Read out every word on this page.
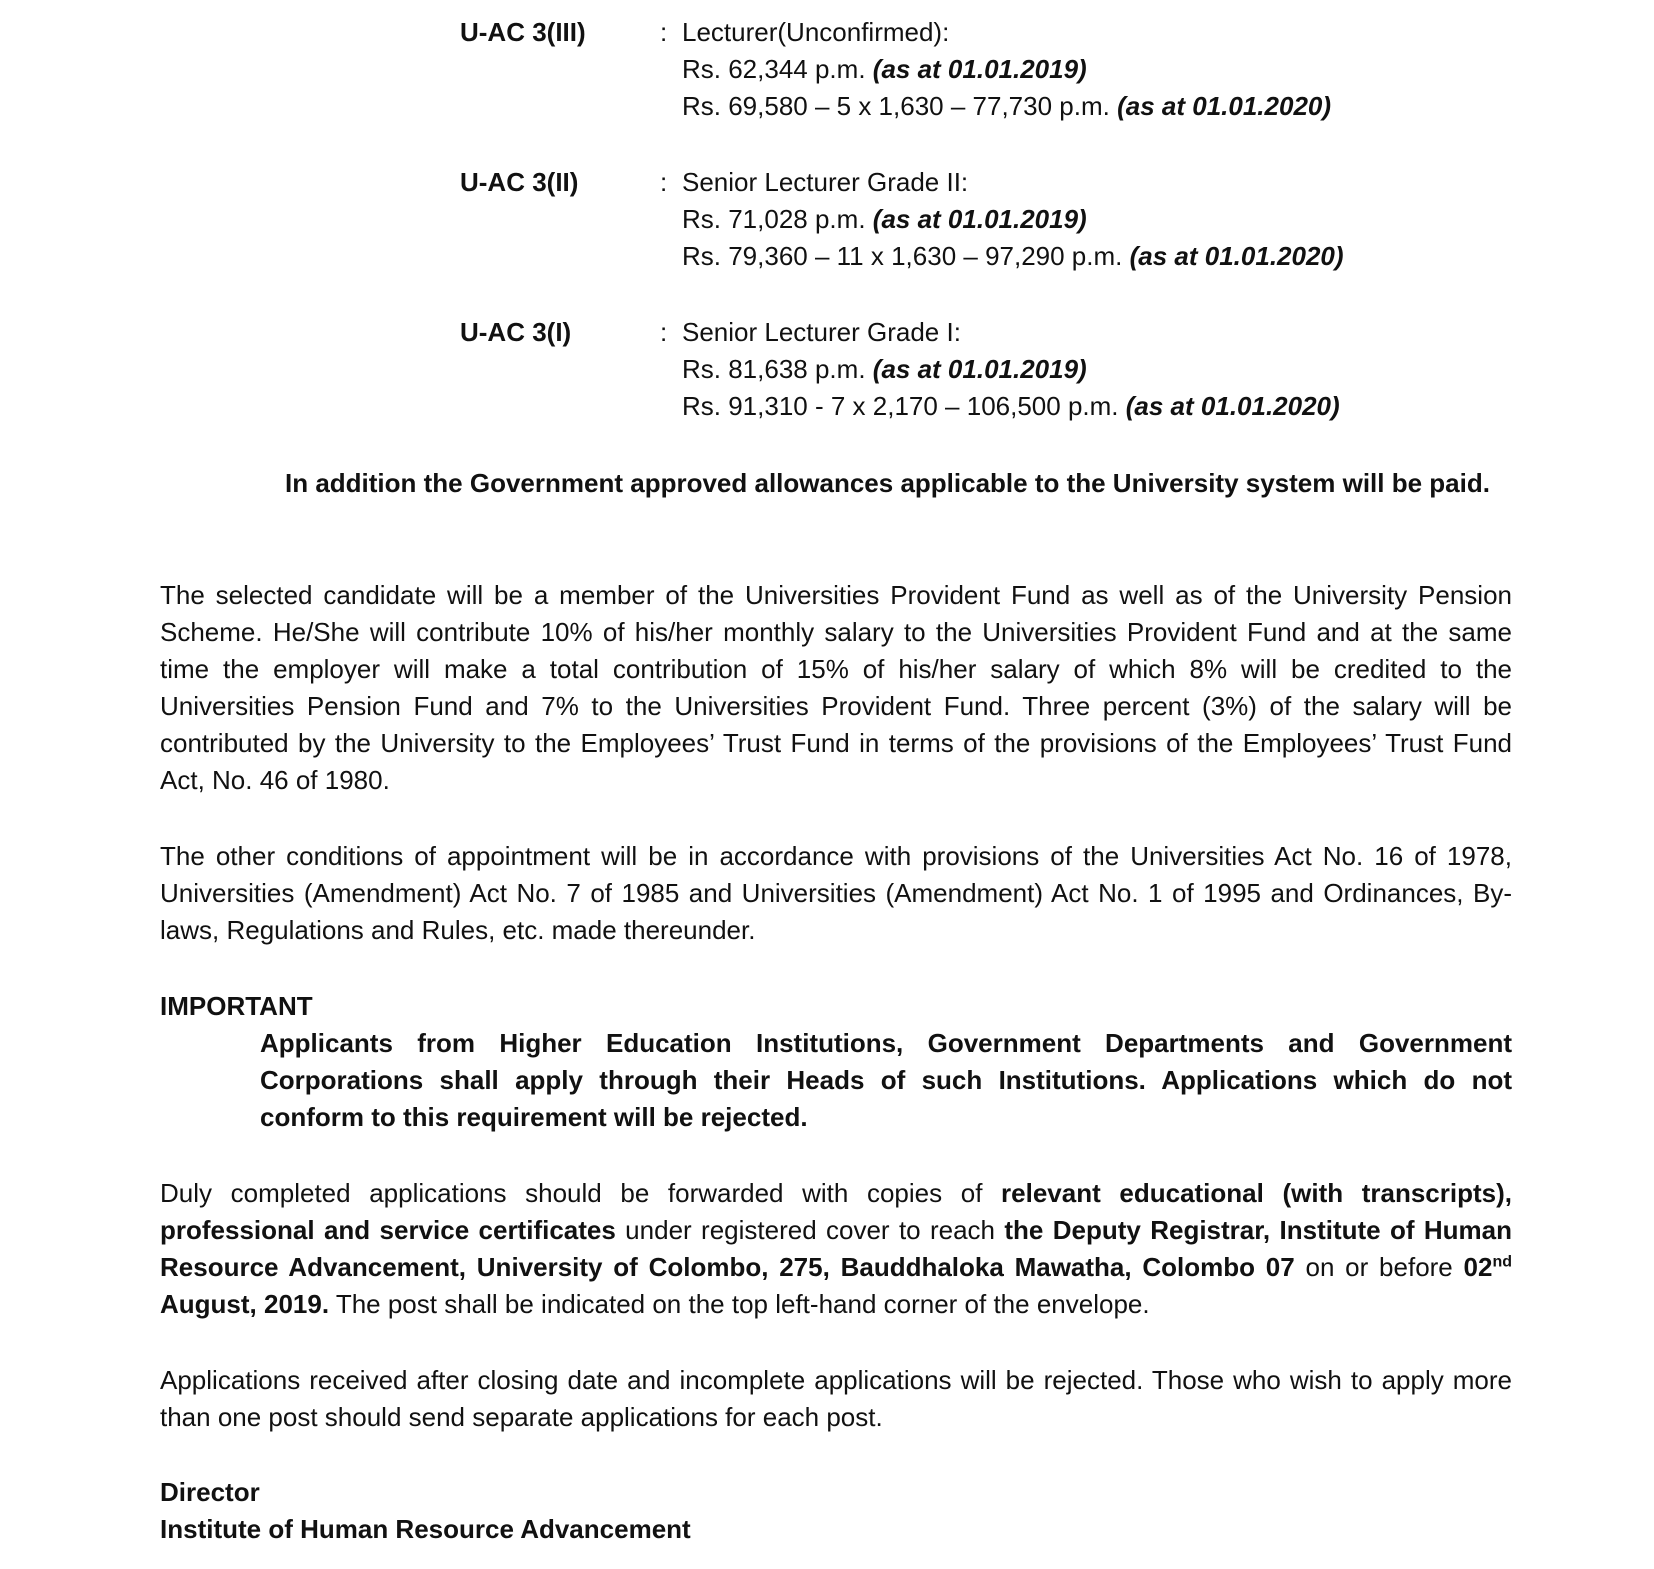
U-AC 3(III)	: Lecturer(Unconfirmed):
Rs. 62,344 p.m. (as at 01.01.2019)
Rs. 69,580 – 5 x 1,630 – 77,730 p.m. (as at 01.01.2020)
U-AC 3(II)	: Senior Lecturer Grade II:
Rs. 71,028 p.m. (as at 01.01.2019)
Rs. 79,360 – 11 x 1,630 – 97,290 p.m. (as at 01.01.2020)
U-AC 3(I)	: Senior Lecturer Grade I:
Rs. 81,638 p.m. (as at 01.01.2019)
Rs. 91,310 - 7 x 2,170 – 106,500 p.m. (as at 01.01.2020)
In addition the Government approved allowances applicable to the University system will be paid.
The selected candidate will be a member of the Universities Provident Fund as well as of the University Pension Scheme. He/She will contribute 10% of his/her monthly salary to the Universities Provident Fund and at the same time the employer will make a total contribution of 15% of his/her salary of which 8% will be credited to the Universities Pension Fund and 7% to the Universities Provident Fund. Three percent (3%) of the salary will be contributed by the University to the Employees’ Trust Fund in terms of the provisions of the Employees’ Trust Fund Act, No. 46 of 1980.
The other conditions of appointment will be in accordance with provisions of the Universities Act No. 16 of 1978, Universities (Amendment) Act No. 7 of 1985 and Universities (Amendment) Act No. 1 of 1995 and Ordinances, By-laws, Regulations and Rules, etc. made thereunder.
IMPORTANT
Applicants from Higher Education Institutions, Government Departments and Government Corporations shall apply through their Heads of such Institutions. Applications which do not conform to this requirement will be rejected.
Duly completed applications should be forwarded with copies of relevant educational (with transcripts), professional and service certificates under registered cover to reach the Deputy Registrar, Institute of Human Resource Advancement, University of Colombo, 275, Bauddhaloka Mawatha, Colombo 07 on or before 02nd August, 2019. The post shall be indicated on the top left-hand corner of the envelope.
Applications received after closing date and incomplete applications will be rejected. Those who wish to apply more than one post should send separate applications for each post.
Director
Institute of Human Resource Advancement
